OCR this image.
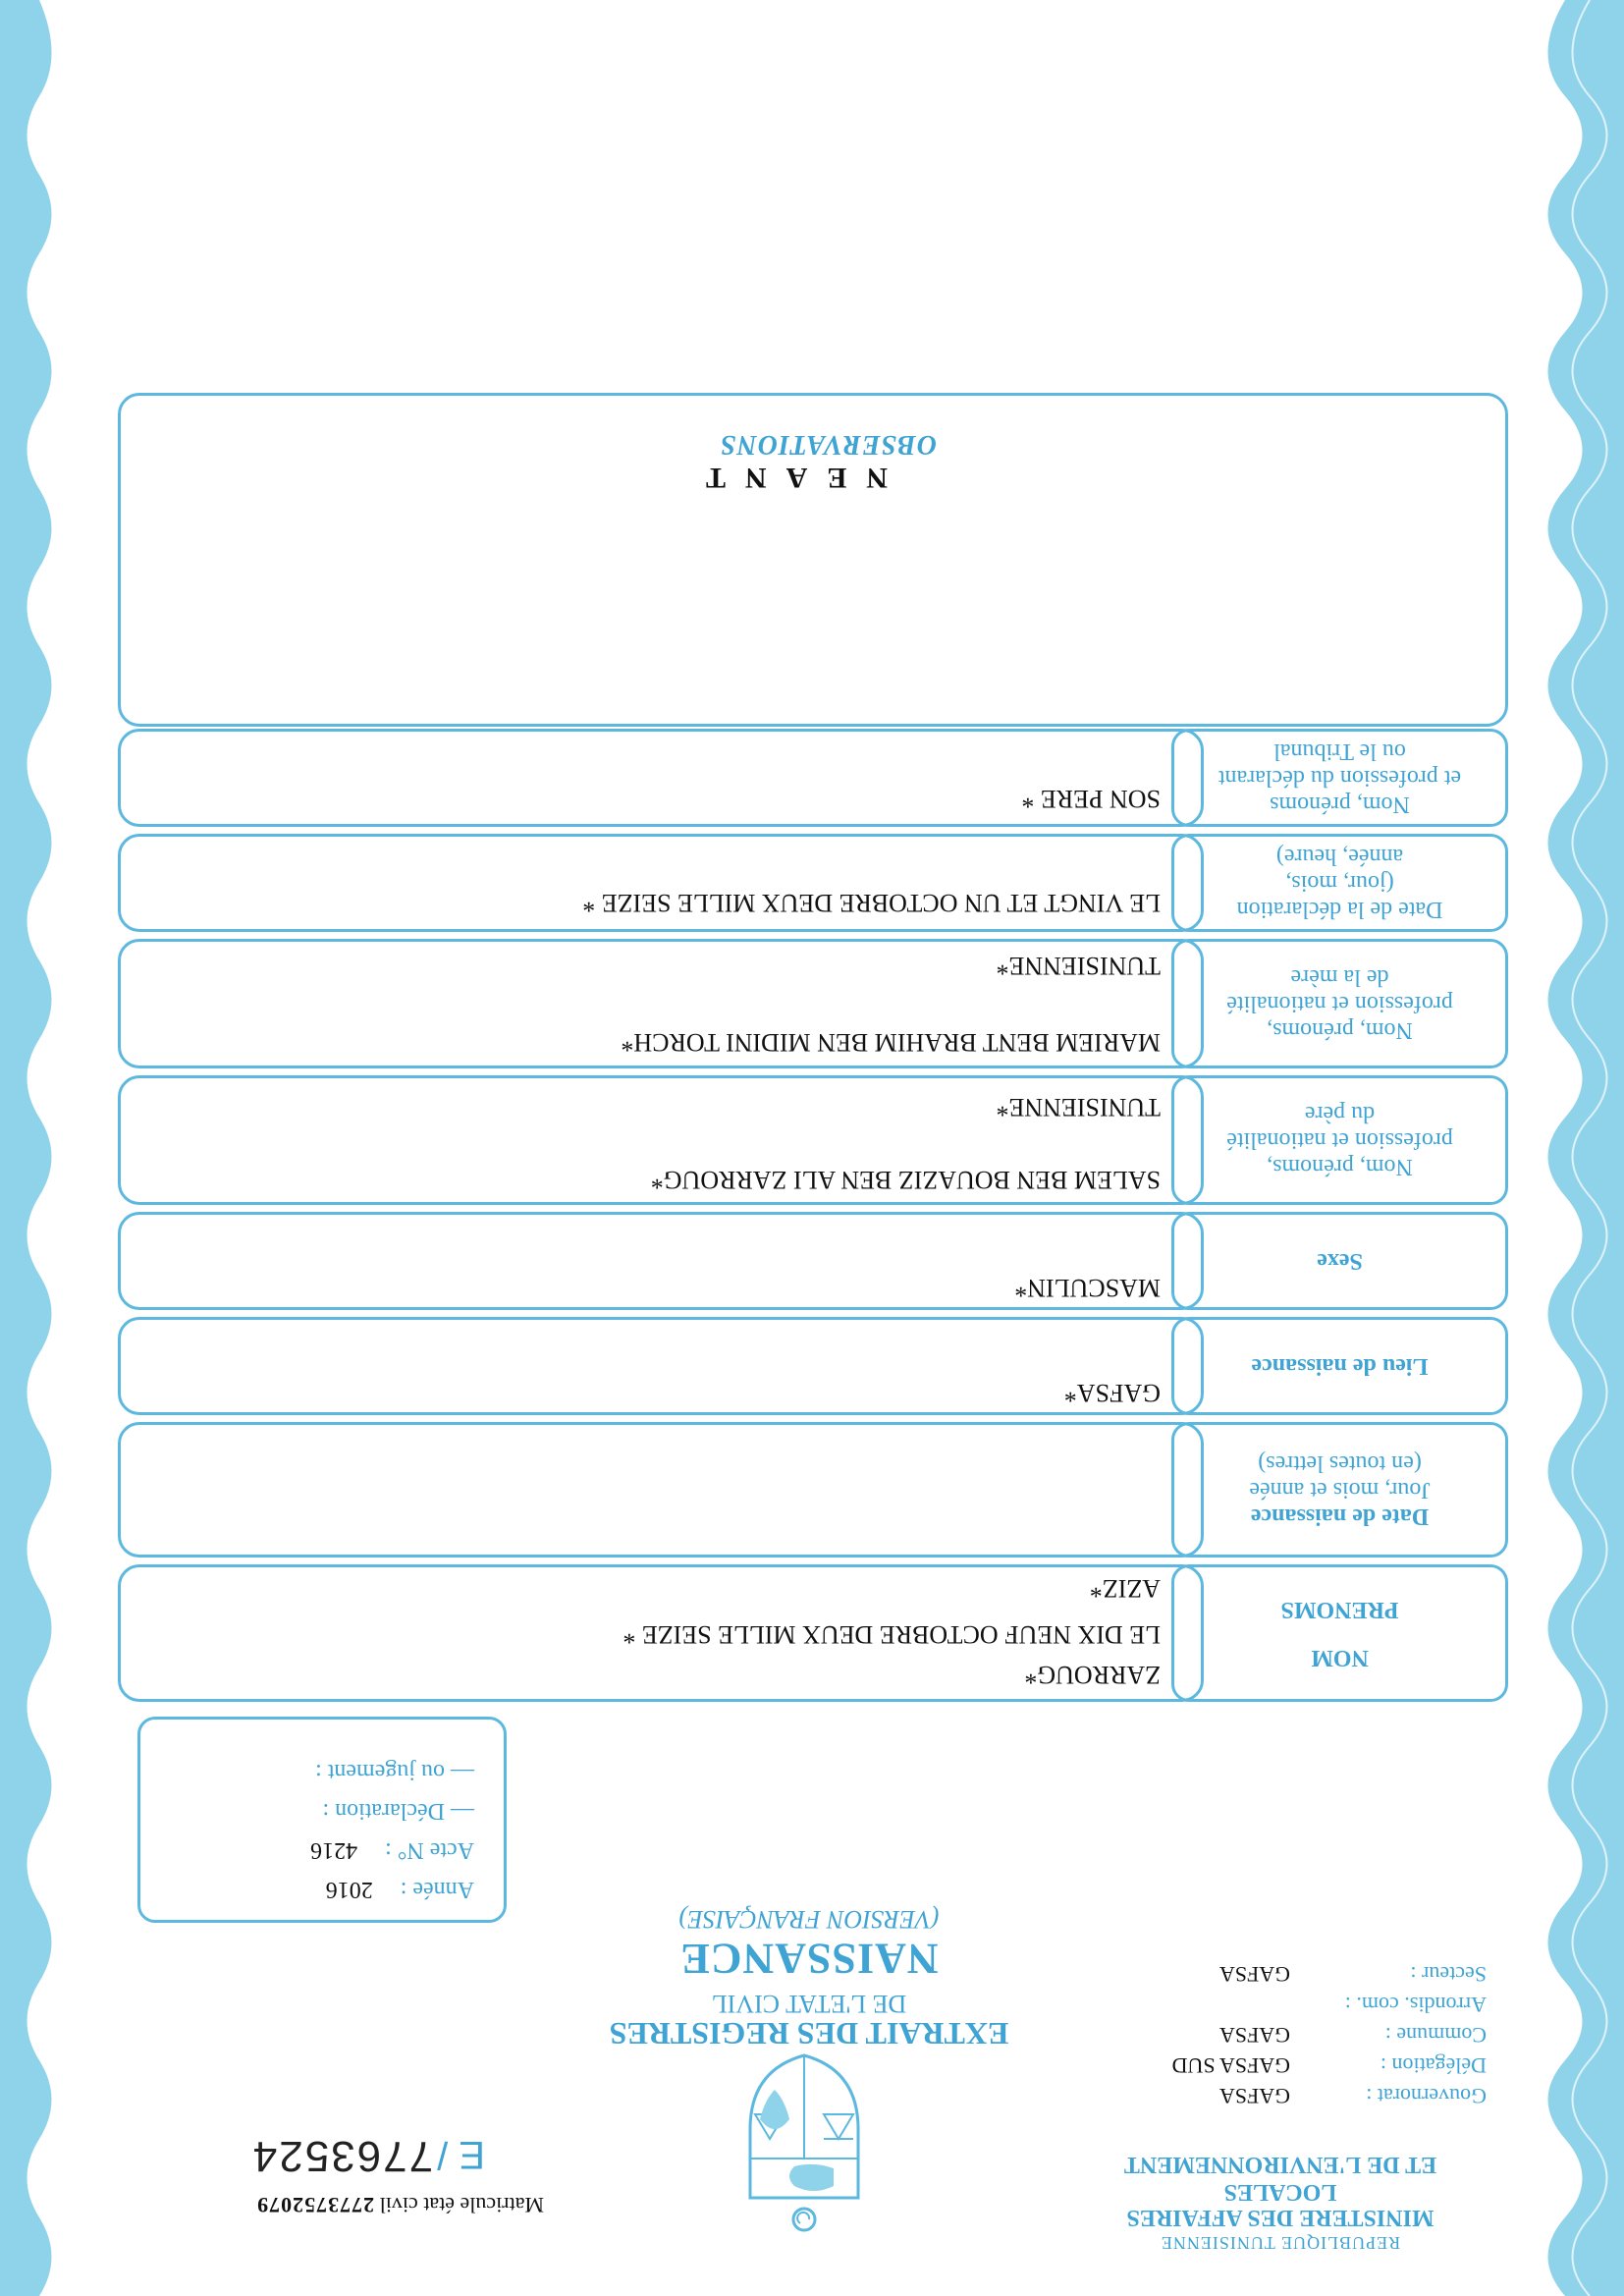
REPUBLIQUE TUNISIENNE
MINISTERE DES AFFAIRES LOCALES
ET DE L'ENVIRONNEMENT
Matricule état civil 2773752079
E / 7763524
Gouvernorat :
GAFSA
Délégation :
GAFSA SUD
Commune :
GAFSA
Arrondis. com. :
Secteur :
GAFSA
EXTRAIT DES REGISTRES
DE L'ETAT CIVIL
NAISSANCE
(VERSION FRANÇAISE)
Année : 2016
Acte N° : 4216
— Déclaration :
— ou jugement :
NOM
PRENOMS
ZARROUG*
AZIZ*
Date de naissance
Jour, mois et année
(en toutes lettres)
LE DIX NEUF OCTOBRE DEUX MILLE SEIZE *
Lieu de naissance
GAFSA*
Sexe
MASCULIN*
Nom, prénoms,
profession et nationalité
du père
SALEM BEN BOUAZIZ BEN ALI ZARROUG*
TUNISIENNE*
Nom, prénoms,
profession et nationalité
de la mère
MARIEM BENT BRAHIM BEN MIDINI TORCH*
TUNISIENNE*
Date de la déclaration
(jour, mois,
année, heure)
LE VINGT ET UN OCTOBRE DEUX MILLE SEIZE *
Nom, prénoms
et profession du déclarant
ou le Tribunal
SON PERE *
OBSERVATIONS
NEANT
